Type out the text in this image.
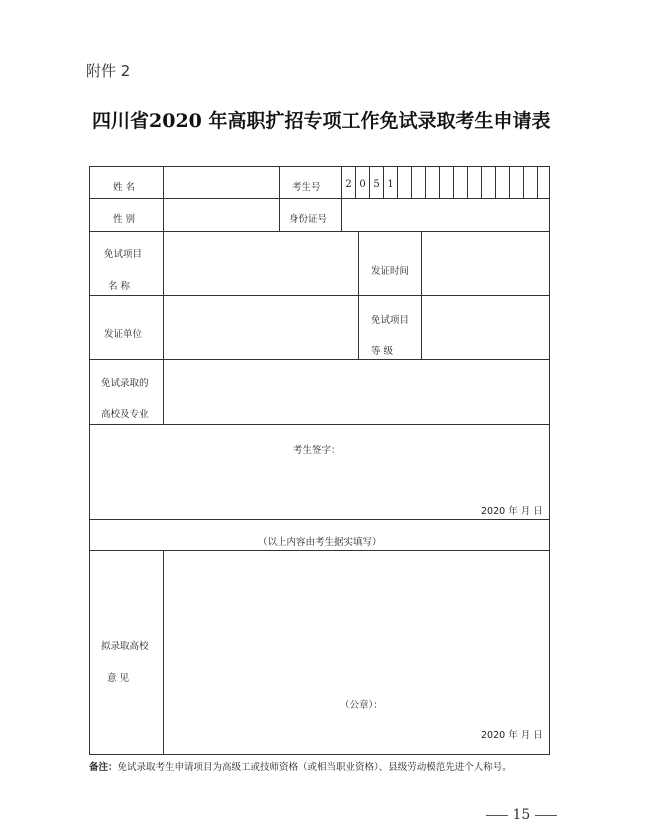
附件 2
四川省2020 年高职扩招专项工作免试录取考生申请表
2 0 5 1
姓 名	考生号
性 别	身份证号
免试项目
名 称
发证时间
发证单位
免试项目
等 级
免试录取的
高校及专业
考生签字：
2020 年 月 日
（以上内容由考生据实填写）
拟录取高校
意 见
（公章）：
2020 年 月 日
备注：免试录取考生申请项目为高级工或技师资格（或相当职业资格）、县级劳动模范先进个人称号。
15
